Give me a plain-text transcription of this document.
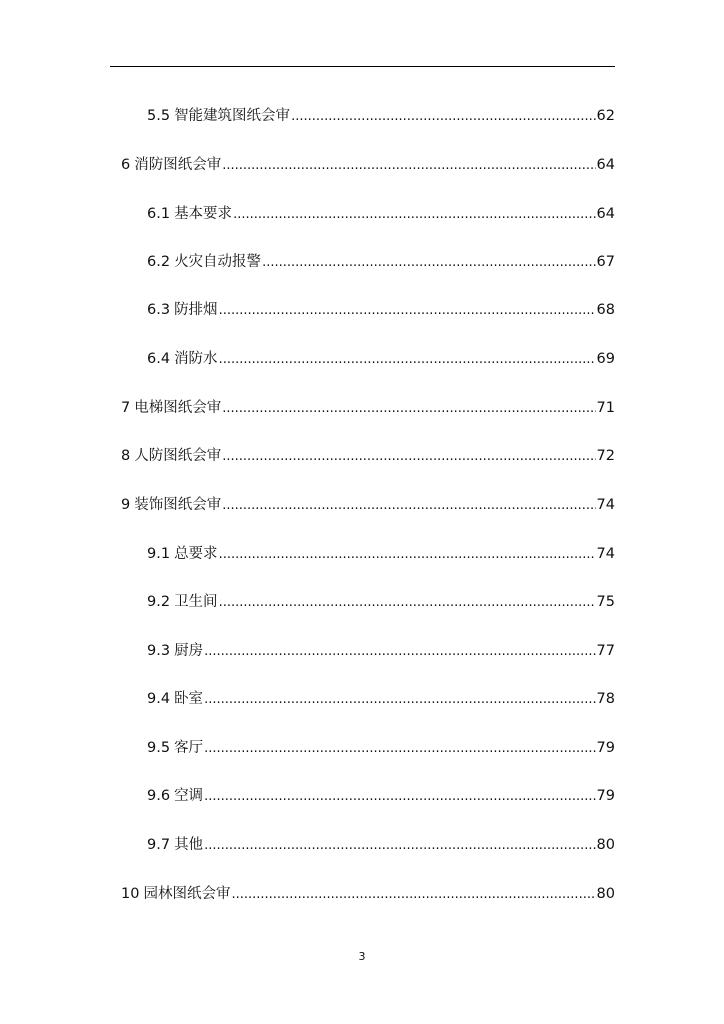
5.5 智能建筑图纸会审 .....	62
6 消防图纸会审 .....	64
6.1 基本要求 .....	64
6.2 火灾自动报警 .....	67
6.3 防排烟 .....	68
6.4 消防水 .....	69
7 电梯图纸会审 .....	71
8 人防图纸会审 .....	72
9 装饰图纸会审 .....	74
9.1 总要求 .....	74
9.2 卫生间 .....	75
9.3 厨房 .....	77
9.4 卧室 .....	78
9.5 客厅 .....	79
9.6 空调 .....	79
9.7 其他 .....	80
10 园林图纸会审 .....	80
3
